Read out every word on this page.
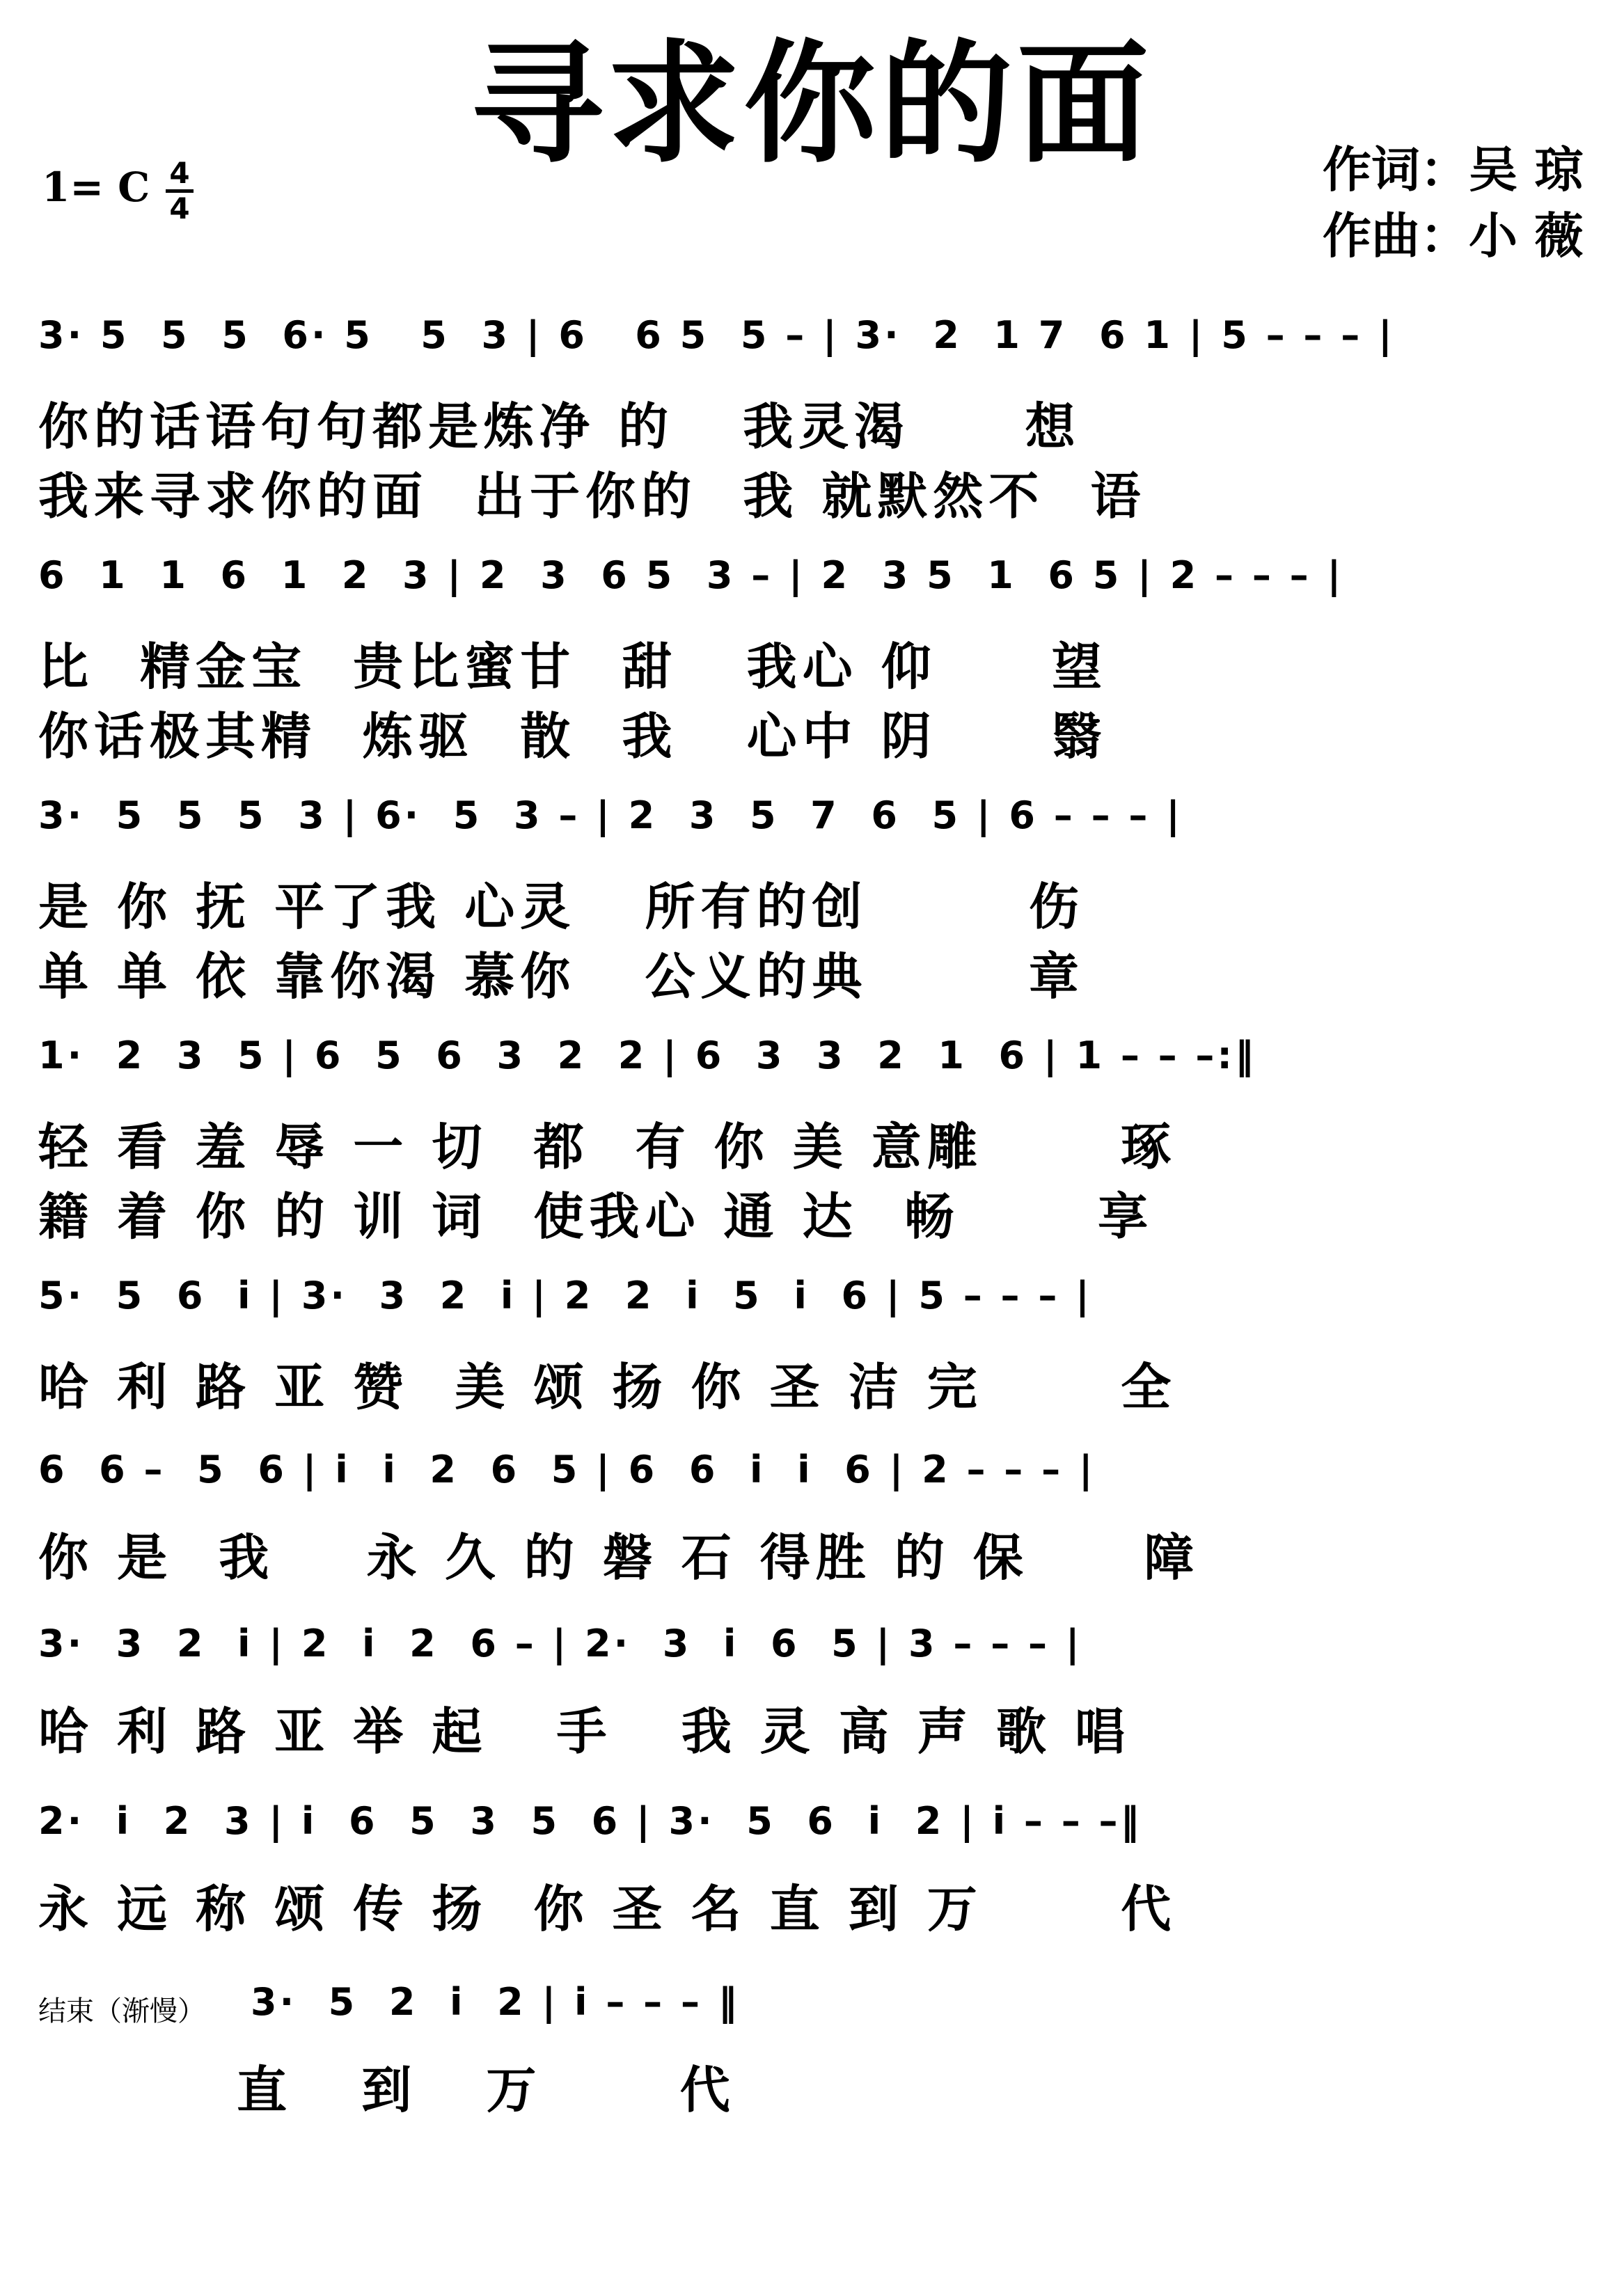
寻求你的面
1= C 4
4
作词：吴 琼
作曲：小 薇
3· 5  5  5  6· 5   5  3 | 6   6 5  5 – | 3·  2  1 7  6 1 | 5 – – – |
你的话语句句都是炼净 的   我灵渴     想
我来寻求你的面  出于你的  我 就默然不  语
6  1  1  6  1  2  3 | 2  3  6 5  3 – | 2  3 5  1  6 5 | 2 – – – |
比  精金宝  贵比蜜甘  甜   我心 仰     望
你话极其精  炼驱  散  我   心中 阴     翳
3·  5  5  5  3 | 6·  5  3 – | 2  3  5  7  6  5 | 6 – – – |
是 你 抚 平了我 心灵   所有的创       伤
单 单 依 靠你渴 慕你   公义的典       章
1·  2  3  5 | 6  5  6  3  2  2 | 6  3  3  2  1  6 | 1 – – –:‖
轻 看 羞 辱 一 切  都  有 你 美 意雕      琢
籍 着 你 的 训 词  使我心 通 达  畅      享
5·  5  6  i | 3·  3  2  i | 2  2  i  5  i  6 | 5 – – – |
哈 利 路 亚 赞  美 颂 扬 你 圣 洁 完      全
6  6 –  5  6 | i  i  2  6  5 | 6  6  i  i  6 | 2 – – – |
你 是  我    永 久 的 磐 石 得胜 的 保     障
3·  3  2  i | 2  i  2  6 – | 2·  3  i  6  5 | 3 – – – |
哈 利 路 亚 举 起   手   我 灵 高 声 歌 唱
2·  i  2  3 | i  6  5  3  5  6 | 3·  5  6  i  2 | i – – –‖
永 远 称 颂 传 扬  你 圣 名 直 到 万      代
结束（渐慢） 3·  5  2  i  2 | i – – – ‖
直   到   万      代
